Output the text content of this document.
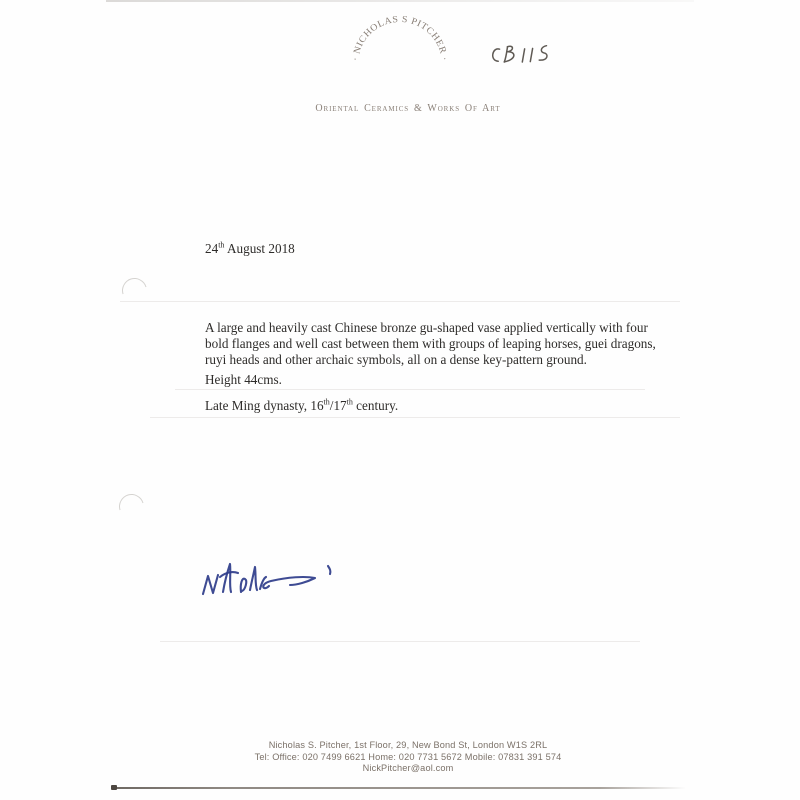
· NICHOLAS S PITCHER ·
Oriental Ceramics & Works Of Art
24th August 2018
A large and heavily cast Chinese bronze gu-shaped vase applied vertically with four
bold flanges and well cast between them with groups of leaping horses, guei dragons,
ruyi heads and other archaic symbols, all on a dense key-pattern ground.
Height 44cms.
Late Ming dynasty, 16th/17th century.
Nicholas S. Pitcher, 1st Floor, 29, New Bond St, London W1S 2RL
Tel: Office: 020 7499 6621 Home: 020 7731 5672 Mobile: 07831 391 574
NickPitcher@aol.com
